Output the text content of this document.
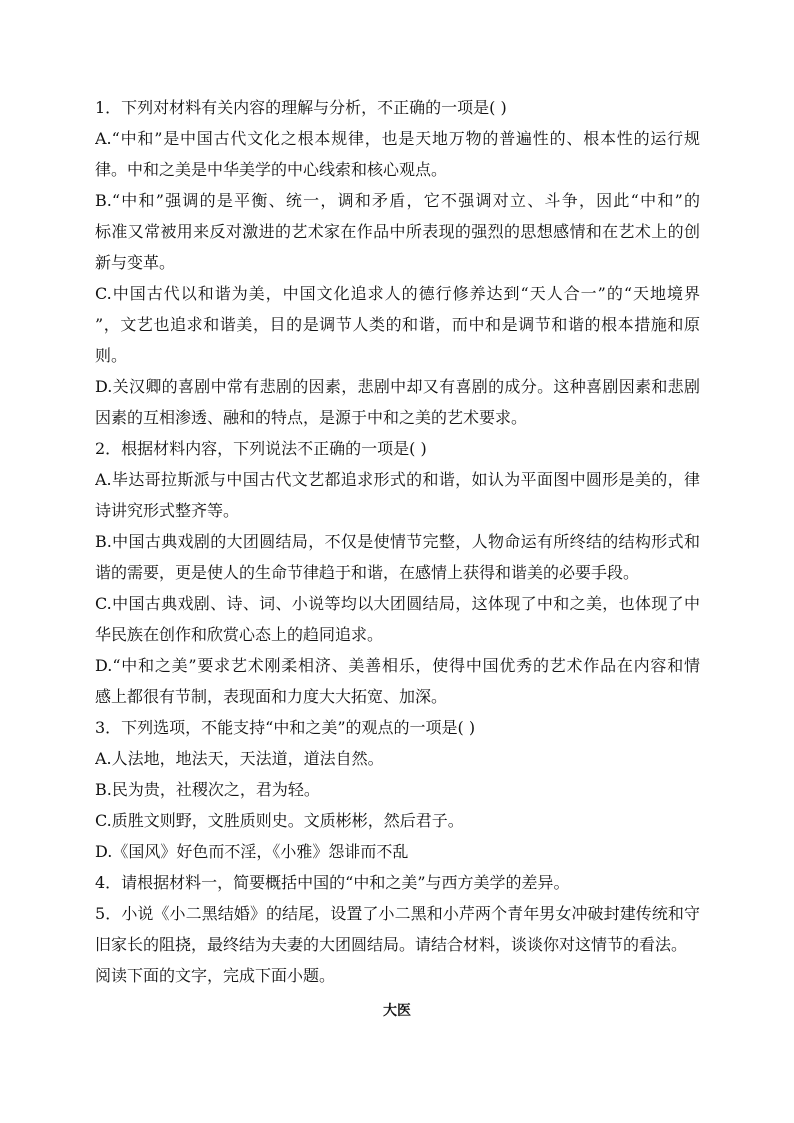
1．下列对材料有关内容的理解与分析，不正确的一项是( )
A.“中和”是中国古代文化之根本规律，也是天地万物的普遍性的、根本性的运行规
律。中和之美是中华美学的中心线索和核心观点。
B.“中和”强调的是平衡、统一，调和矛盾，它不强调对立、斗争，因此“中和”的
标准又常被用来反对激进的艺术家在作品中所表现的强烈的思想感情和在艺术上的创
新与变革。
C.中国古代以和谐为美，中国文化追求人的德行修养达到“天人合一”的“天地境界
”，文艺也追求和谐美，目的是调节人类的和谐，而中和是调节和谐的根本措施和原
则。
D.关汉卿的喜剧中常有悲剧的因素，悲剧中却又有喜剧的成分。这种喜剧因素和悲剧
因素的互相渗透、融和的特点，是源于中和之美的艺术要求。
2．根据材料内容，下列说法不正确的一项是( )
A.毕达哥拉斯派与中国古代文艺都追求形式的和谐，如认为平面图中圆形是美的，律
诗讲究形式整齐等。
B.中国古典戏剧的大团圆结局，不仅是使情节完整，人物命运有所终结的结构形式和
谐的需要，更是使人的生命节律趋于和谐，在感情上获得和谐美的必要手段。
C.中国古典戏剧、诗、词、小说等均以大团圆结局，这体现了中和之美，也体现了中
华民族在创作和欣赏心态上的趋同追求。
D.“中和之美”要求艺术刚柔相济、美善相乐，使得中国优秀的艺术作品在内容和情
感上都很有节制，表现面和力度大大拓宽、加深。
3．下列选项，不能支持“中和之美”的观点的一项是( )
A.人法地，地法天，天法道，道法自然。
B.民为贵，社稷次之，君为轻。
C.质胜文则野，文胜质则史。文质彬彬，然后君子。
D.《国风》好色而不淫，《小雅》怨诽而不乱
4．请根据材料一，简要概括中国的“中和之美”与西方美学的差异。
5．小说《小二黑结婚》的结尾，设置了小二黑和小芹两个青年男女冲破封建传统和守
旧家长的阻挠，最终结为夫妻的大团圆结局。请结合材料，谈谈你对这情节的看法。
阅读下面的文字，完成下面小题。
大医
